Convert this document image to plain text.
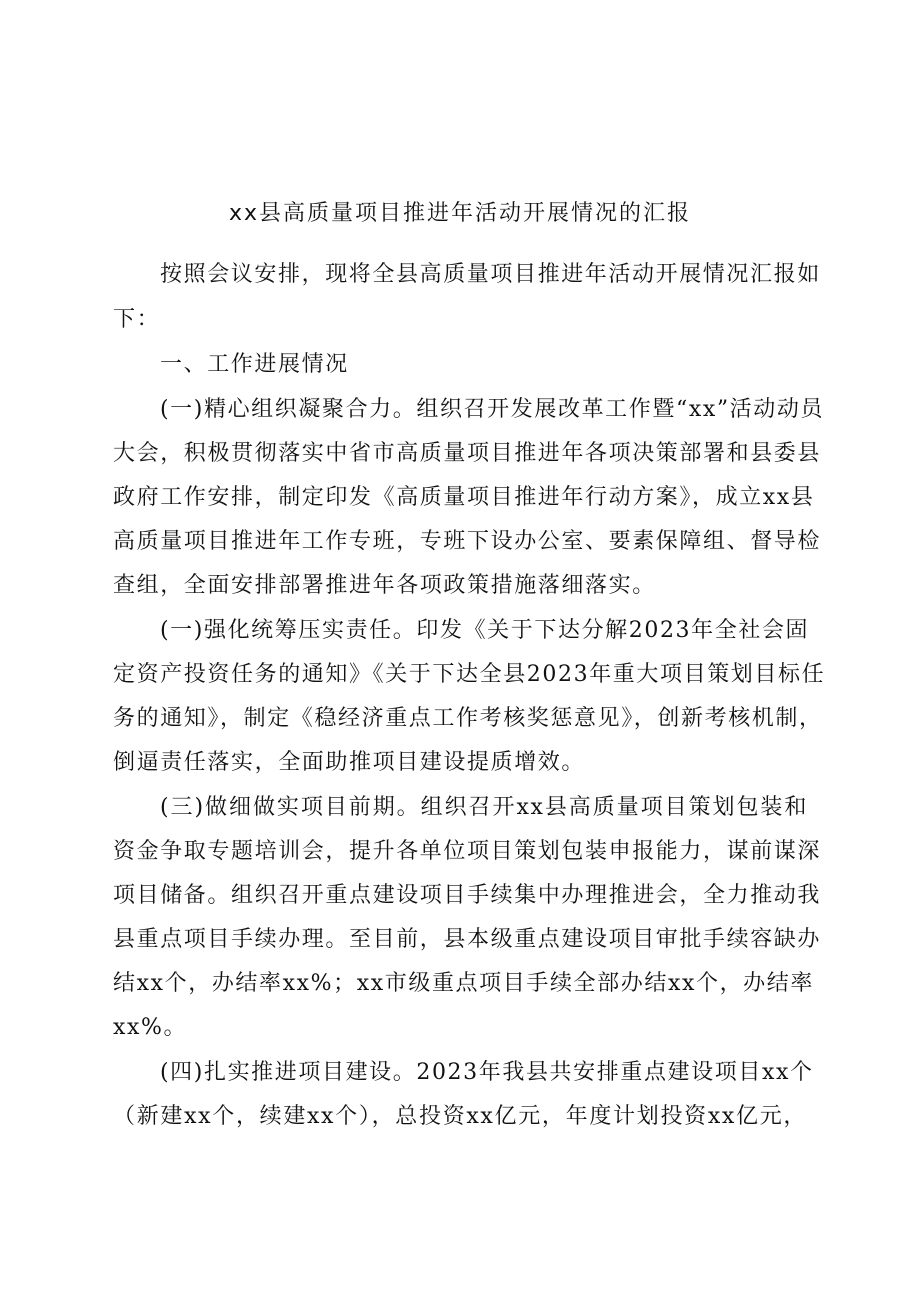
xx县高质量项目推进年活动开展情况的汇报
按照会议安排，现将全县高质量项目推进年活动开展情况汇报如
下：
一、工作进展情况
(一)精心组织凝聚合力。组织召开发展改革工作暨“xx”活动动员
大会，积极贯彻落实中省市高质量项目推进年各项决策部署和县委县
政府工作安排，制定印发《高质量项目推进年行动方案》，成立xx县
高质量项目推进年工作专班，专班下设办公室、要素保障组、督导检
查组，全面安排部署推进年各项政策措施落细落实。
(一)强化统筹压实责任。印发《关于下达分解2023年全社会固
定资产投资任务的通知》《关于下达全县2023年重大项目策划目标任
务的通知》，制定《稳经济重点工作考核奖惩意见》，创新考核机制，
倒逼责任落实，全面助推项目建设提质增效。
(三)做细做实项目前期。组织召开xx县高质量项目策划包装和
资金争取专题培训会，提升各单位项目策划包装申报能力，谋前谋深
项目储备。组织召开重点建设项目手续集中办理推进会，全力推动我
县重点项目手续办理。至目前，县本级重点建设项目审批手续容缺办
结xx个，办结率xx%；xx市级重点项目手续全部办结xx个，办结率
xx%。
(四)扎实推进项目建设。2023年我县共安排重点建设项目xx个
（新建xx个，续建xx个），总投资xx亿元，年度计划投资xx亿元，
